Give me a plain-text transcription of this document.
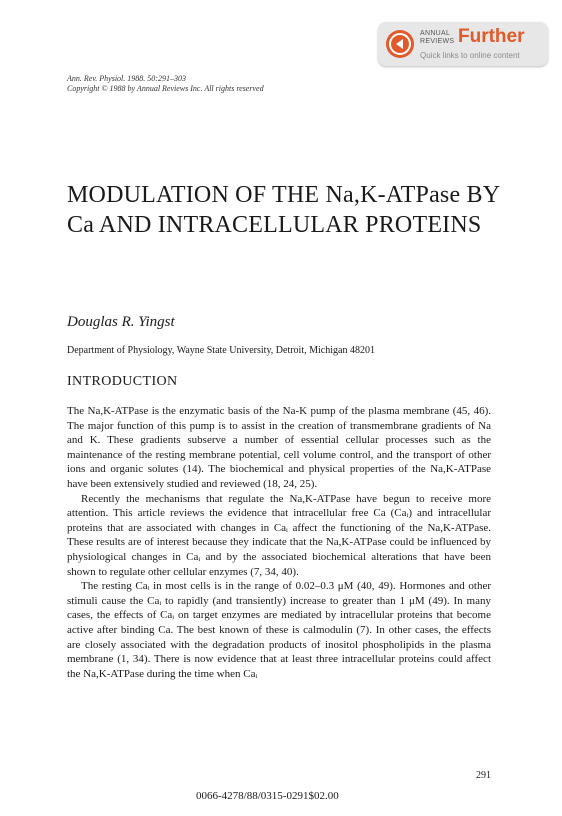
ANNUAL REVIEWS Further
Quick links to online content
Ann. Rev. Physiol. 1988. 50:291–303
Copyright © 1988 by Annual Reviews Inc. All rights reserved
MODULATION OF THE Na,K-ATPase BY Ca AND INTRACELLULAR PROTEINS
Douglas R. Yingst
Department of Physiology, Wayne State University, Detroit, Michigan 48201
INTRODUCTION

The Na,K-ATPase is the enzymatic basis of the Na-K pump of the plasma membrane (45, 46). The major function of this pump is to assist in the creation of transmembrane gradients of Na and K. These gradients subserve a number of essential cellular processes such as the maintenance of the resting membrane potential, cell volume control, and the transport of other ions and organic solutes (14). The biochemical and physical properties of the Na,K-ATPase have been extensively studied and reviewed (18, 24, 25).

Recently the mechanisms that regulate the Na,K-ATPase have begun to receive more attention. This article reviews the evidence that intracellular free Ca (Caᵢ) and intracellular proteins that are associated with changes in Caᵢ affect the functioning of the Na,K-ATPase. These results are of interest because they indicate that the Na,K-ATPase could be influenced by physiological changes in Caᵢ and by the associated biochemical alterations that have been shown to regulate other cellular enzymes (7, 34, 40).

The resting Caᵢ in most cells is in the range of 0.02–0.3 μM (40, 49). Hormones and other stimuli cause the Caᵢ to rapidly (and transiently) increase to greater than 1 μM (49). In many cases, the effects of Caᵢ on target enzymes are mediated by intracellular proteins that become active after binding Ca. The best known of these is calmodulin (7). In other cases, the effects are closely associated with the degradation products of inositol phospholipids in the plasma membrane (1, 34). There is now evidence that at least three intracellular proteins could affect the Na,K-ATPase during the time when Caᵢ

291
0066-4278/88/0315-0291$02.00
